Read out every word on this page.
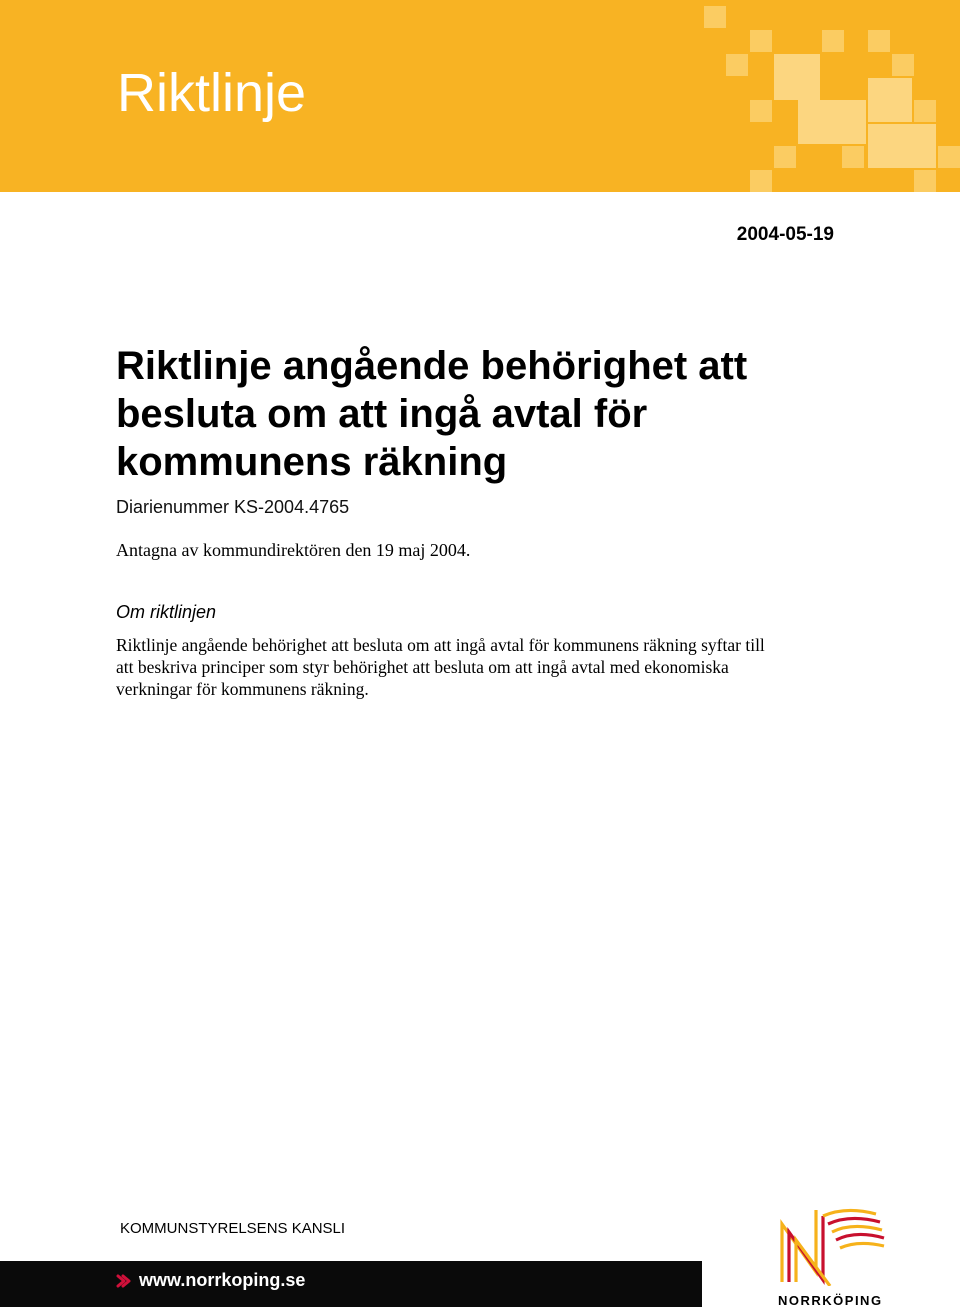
Riktlinje
2004-05-19
Riktlinje angående behörighet att besluta om att ingå avtal för kommunens räkning
Diarienummer KS-2004.4765
Antagna av kommundirektören den 19 maj 2004.
Om riktlinjen

Riktlinje angående behörighet att besluta om att ingå avtal för kommunens räkning syftar till att beskriva principer som styr behörighet att besluta om att ingå avtal med ekonomiska verkningar för kommunens räkning.

KOMMUNSTYRELSENS KANSLI
www.norrkoping.se
NORRKÖPING
